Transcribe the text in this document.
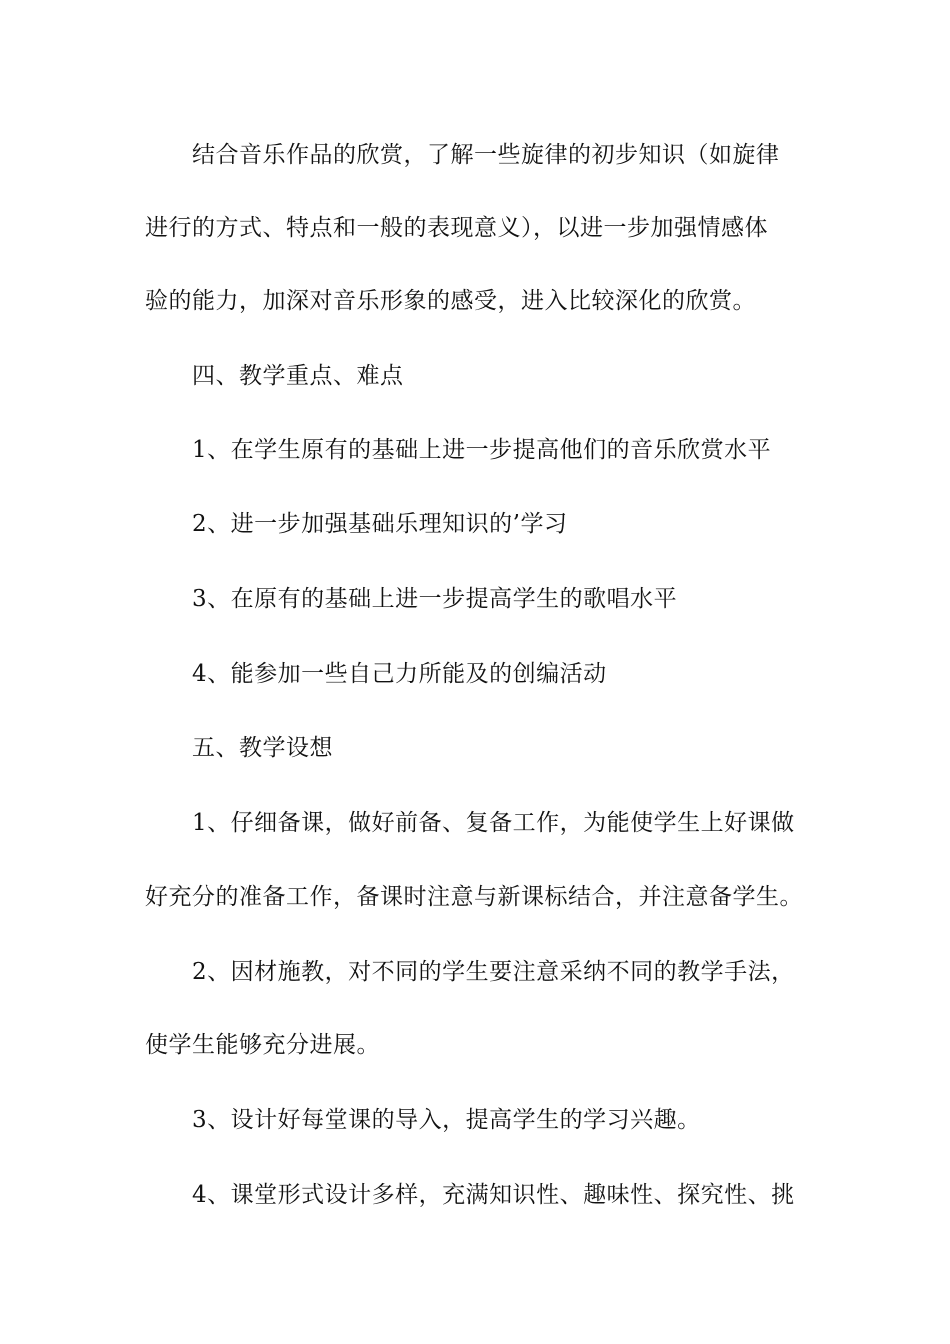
结合音乐作品的欣赏，了解一些旋律的初步知识（如旋律
进行的方式、特点和一般的表现意义），以进一步加强情感体
验的能力，加深对音乐形象的感受，进入比较深化的欣赏。
四、教学重点、难点
1、在学生原有的基础上进一步提高他们的音乐欣赏水平
2、进一步加强基础乐理知识的’学习
3、在原有的基础上进一步提高学生的歌唱水平
4、能参加一些自己力所能及的创编活动
五、教学设想
1、仔细备课，做好前备、复备工作，为能使学生上好课做
好充分的准备工作，备课时注意与新课标结合，并注意备学生。
2、因材施教，对不同的学生要注意采纳不同的教学手法，
使学生能够充分进展。
3、设计好每堂课的导入，提高学生的学习兴趣。
4、课堂形式设计多样，充满知识性、趣味性、探究性、挑
